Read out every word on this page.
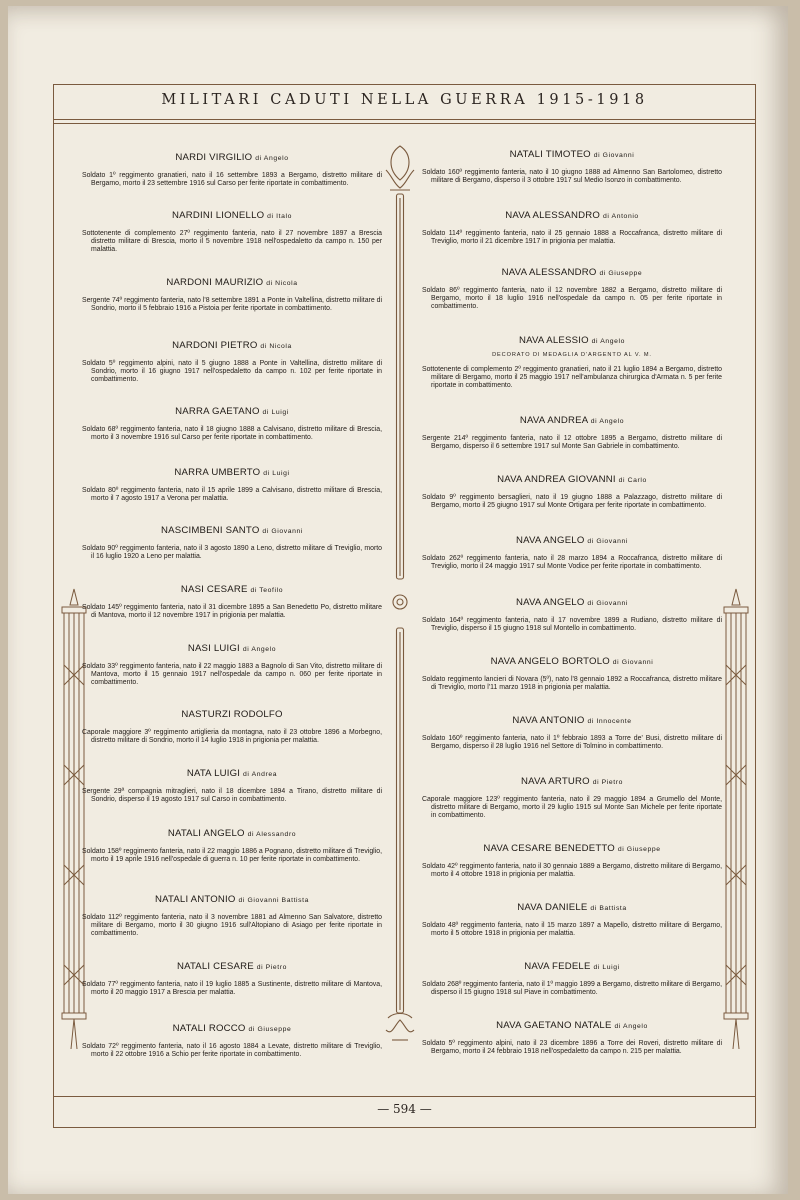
MILITARI CADUTI NELLA GUERRA 1915-1918
— 594 —
NARDI VIRGILIO di Angelo
Soldato 1º reggimento granatieri, nato il 16 settembre 1893 a Bergamo, distretto militare di Bergamo, morto il 23 settembre 1916 sul Carso per ferite riportate in combattimento.
NARDINI LIONELLO di Italo
Sottotenente di complemento 27º reggimento fanteria, nato il 27 novembre 1897 a Brescia distretto militare di Brescia, morto il 5 novembre 1918 nell'ospedaletto da campo n. 150 per malattia.
NARDONI MAURIZIO di Nicola
Sergente 74º reggimento fanteria, nato l'8 settembre 1891 a Ponte in Valtellina, distretto militare di Sondrio, morto il 5 febbraio 1916 a Pistoia per ferite riportate in combattimento.
NARDONI PIETRO di Nicola
Soldato 5º reggimento alpini, nato il 5 giugno 1888 a Ponte in Valtellina, distretto militare di Sondrio, morto il 16 giugno 1917 nell'ospedaletto da campo n. 102 per ferite riportate in combattimento.
NARRA GAETANO di Luigi
Soldato 68º reggimento fanteria, nato il 18 giugno 1888 a Calvisano, distretto militare di Brescia, morto il 3 novembre 1916 sul Carso per ferite riportate in combattimento.
NARRA UMBERTO di Luigi
Soldato 80º reggimento fanteria, nato il 15 aprile 1899 a Calvisano, distretto militare di Brescia, morto il 7 agosto 1917 a Verona per malattia.
NASCIMBENI SANTO di Giovanni
Soldato 90º reggimento fanteria, nato il 3 agosto 1890 a Leno, distretto militare di Treviglio, morto il 16 luglio 1920 a Leno per malattia.
NASI CESARE di Teofilo
Soldato 145º reggimento fanteria, nato il 31 dicembre 1895 a San Benedetto Po, distretto militare di Mantova, morto il 12 novembre 1917 in prigionia per malattia.
NASI LUIGI di Angelo
Soldato 33º reggimento fanteria, nato il 22 maggio 1883 a Bagnolo di San Vito, distretto militare di Mantova, morto il 15 gennaio 1917 nell'ospedale da campo n. 060 per ferite riportate in combattimento.
NASTURZI RODOLFO
Caporale maggiore 3º reggimento artiglieria da montagna, nato il 23 ottobre 1896 a Morbegno, distretto militare di Sondrio, morto il 14 luglio 1918 in prigionia per malattia.
NATA LUIGI di Andrea
Sergente 29ª compagnia mitraglieri, nato il 18 dicembre 1894 a Tirano, distretto militare di Sondrio, disperso il 19 agosto 1917 sul Carso in combattimento.
NATALI ANGELO di Alessandro
Soldato 158º reggimento fanteria, nato il 22 maggio 1886 a Pognano, distretto militare di Treviglio, morto il 19 aprile 1916 nell'ospedale di guerra n. 10 per ferite riportate in combattimento.
NATALI ANTONIO di Giovanni Battista
Soldato 112º reggimento fanteria, nato il 3 novembre 1881 ad Almenno San Salvatore, distretto militare di Bergamo, morto il 30 giugno 1916 sull'Altopiano di Asiago per ferite riportate in combattimento.
NATALI CESARE di Pietro
Soldato 77º reggimento fanteria, nato il 19 luglio 1885 a Sustinente, distretto militare di Mantova, morto il 20 maggio 1917 a Brescia per malattia.
NATALI ROCCO di Giuseppe
Soldato 72º reggimento fanteria, nato il 16 agosto 1884 a Levate, distretto militare di Treviglio, morto il 22 ottobre 1916 a Schio per ferite riportate in combattimento.
NATALI TIMOTEO di Giovanni
Soldato 160º reggimento fanteria, nato il 10 giugno 1888 ad Almenno San Bartolomeo, distretto militare di Bergamo, disperso il 3 ottobre 1917 sul Medio Isonzo in combattimento.
NAVA ALESSANDRO di Antonio
Soldato 114º reggimento fanteria, nato il 25 gennaio 1888 a Roccafranca, distretto militare di Treviglio, morto il 21 dicembre 1917 in prigionia per malattia.
NAVA ALESSANDRO di Giuseppe
Soldato 86º reggimento fanteria, nato il 12 novembre 1882 a Bergamo, distretto militare di Bergamo, morto il 18 luglio 1916 nell'ospedale da campo n. 05 per ferite riportate in combattimento.
NAVA ALESSIO di Angelo
DECORATO DI MEDAGLIA D'ARGENTO AL V. M.
Sottotenente di complemento 2º reggimento granatieri, nato il 21 luglio 1894 a Bergamo, distretto militare di Bergamo, morto il 25 maggio 1917 nell'ambulanza chirurgica d'Armata n. 5 per ferite riportate in combattimento.
NAVA ANDREA di Angelo
Sergente 214º reggimento fanteria, nato il 12 ottobre 1895 a Bergamo, distretto militare di Bergamo, disperso il 6 settembre 1917 sul Monte San Gabriele in combattimento.
NAVA ANDREA GIOVANNI di Carlo
Soldato 9º reggimento bersaglieri, nato il 19 giugno 1888 a Palazzago, distretto militare di Bergamo, morto il 25 giugno 1917 sul Monte Ortigara per ferite riportate in combattimento.
NAVA ANGELO di Giovanni
Soldato 262º reggimento fanteria, nato il 28 marzo 1894 a Roccafranca, distretto militare di Treviglio, morto il 24 maggio 1917 sul Monte Vodice per ferite riportate in combattimento.
NAVA ANGELO di Giovanni
Soldato 164º reggimento fanteria, nato il 17 novembre 1899 a Rudiano, distretto militare di Treviglio, disperso il 15 giugno 1918 sul Montello in combattimento.
NAVA ANGELO BORTOLO di Giovanni
Soldato reggimento lancieri di Novara (5º), nato l'8 gennaio 1892 a Roccafranca, distretto militare di Treviglio, morto l'11 marzo 1918 in prigionia per malattia.
NAVA ANTONIO di Innocente
Soldato 160º reggimento fanteria, nato il 1º febbraio 1893 a Torre de' Busi, distretto militare di Bergamo, disperso il 28 luglio 1916 nel Settore di Tolmino in combattimento.
NAVA ARTURO di Pietro
Caporale maggiore 123º reggimento fanteria, nato il 29 maggio 1894 a Grumello del Monte, distretto militare di Bergamo, morto il 29 luglio 1915 sul Monte San Michele per ferite riportate in combattimento.
NAVA CESARE BENEDETTO di Giuseppe
Soldato 42º reggimento fanteria, nato il 30 gennaio 1889 a Bergamo, distretto militare di Bergamo, morto il 4 ottobre 1918 in prigionia per malattia.
NAVA DANIELE di Battista
Soldato 48º reggimento fanteria, nato il 15 marzo 1897 a Mapello, distretto militare di Bergamo, morto il 5 ottobre 1918 in prigionia per malattia.
NAVA FEDELE di Luigi
Soldato 268º reggimento fanteria, nato il 1º maggio 1899 a Bergamo, distretto militare di Bergamo, disperso il 15 giugno 1918 sul Piave in combattimento.
NAVA GAETANO NATALE di Angelo
Soldato 5º reggimento alpini, nato il 23 dicembre 1896 a Torre dei Roveri, distretto militare di Bergamo, morto il 24 febbraio 1918 nell'ospedaletto da campo n. 215 per malattia.
